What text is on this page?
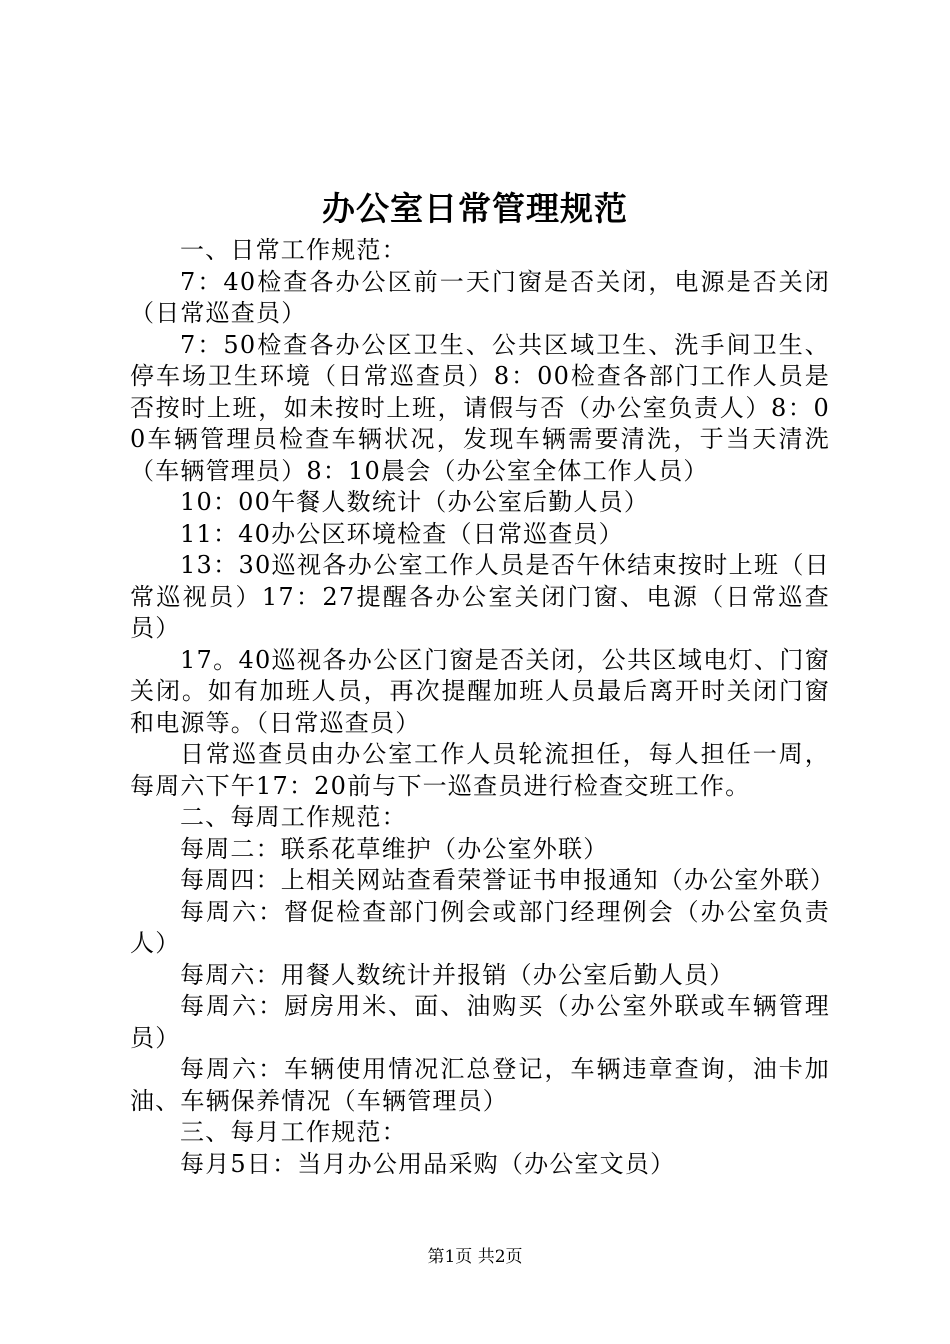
办公室日常管理规范

一、日常工作规范：

7：40检查各办公区前一天门窗是否关闭，电源是否关闭（日常巡查员）

7：50检查各办公区卫生、公共区域卫生、洗手间卫生、停车场卫生环境（日常巡查员）8：00检查各部门工作人员是否按时上班，如未按时上班，请假与否（办公室负责人）8：00车辆管理员检查车辆状况，发现车辆需要清洗，于当天清洗（车辆管理员）8：10晨会（办公室全体工作人员）

10：00午餐人数统计（办公室后勤人员）

11：40办公区环境检查（日常巡查员）

13：30巡视各办公室工作人员是否午休结束按时上班（日常巡视员）17：27提醒各办公室关闭门窗、电源（日常巡查员）

17。40巡视各办公区门窗是否关闭，公共区域电灯、门窗关闭。如有加班人员，再次提醒加班人员最后离开时关闭门窗和电源等。（日常巡查员）

日常巡查员由办公室工作人员轮流担任，每人担任一周，每周六下午17：20前与下一巡查员进行检查交班工作。

二、每周工作规范：

每周二：联系花草维护（办公室外联）

每周四：上相关网站查看荣誉证书申报通知（办公室外联）

每周六：督促检查部门例会或部门经理例会（办公室负责人）

每周六：用餐人数统计并报销（办公室后勤人员）

每周六：厨房用米、面、油购买（办公室外联或车辆管理员）

每周六：车辆使用情况汇总登记，车辆违章查询，油卡加油、车辆保养情况（车辆管理员）

三、每月工作规范：

每月5日：当月办公用品采购（办公室文员）

第1页 共2页
